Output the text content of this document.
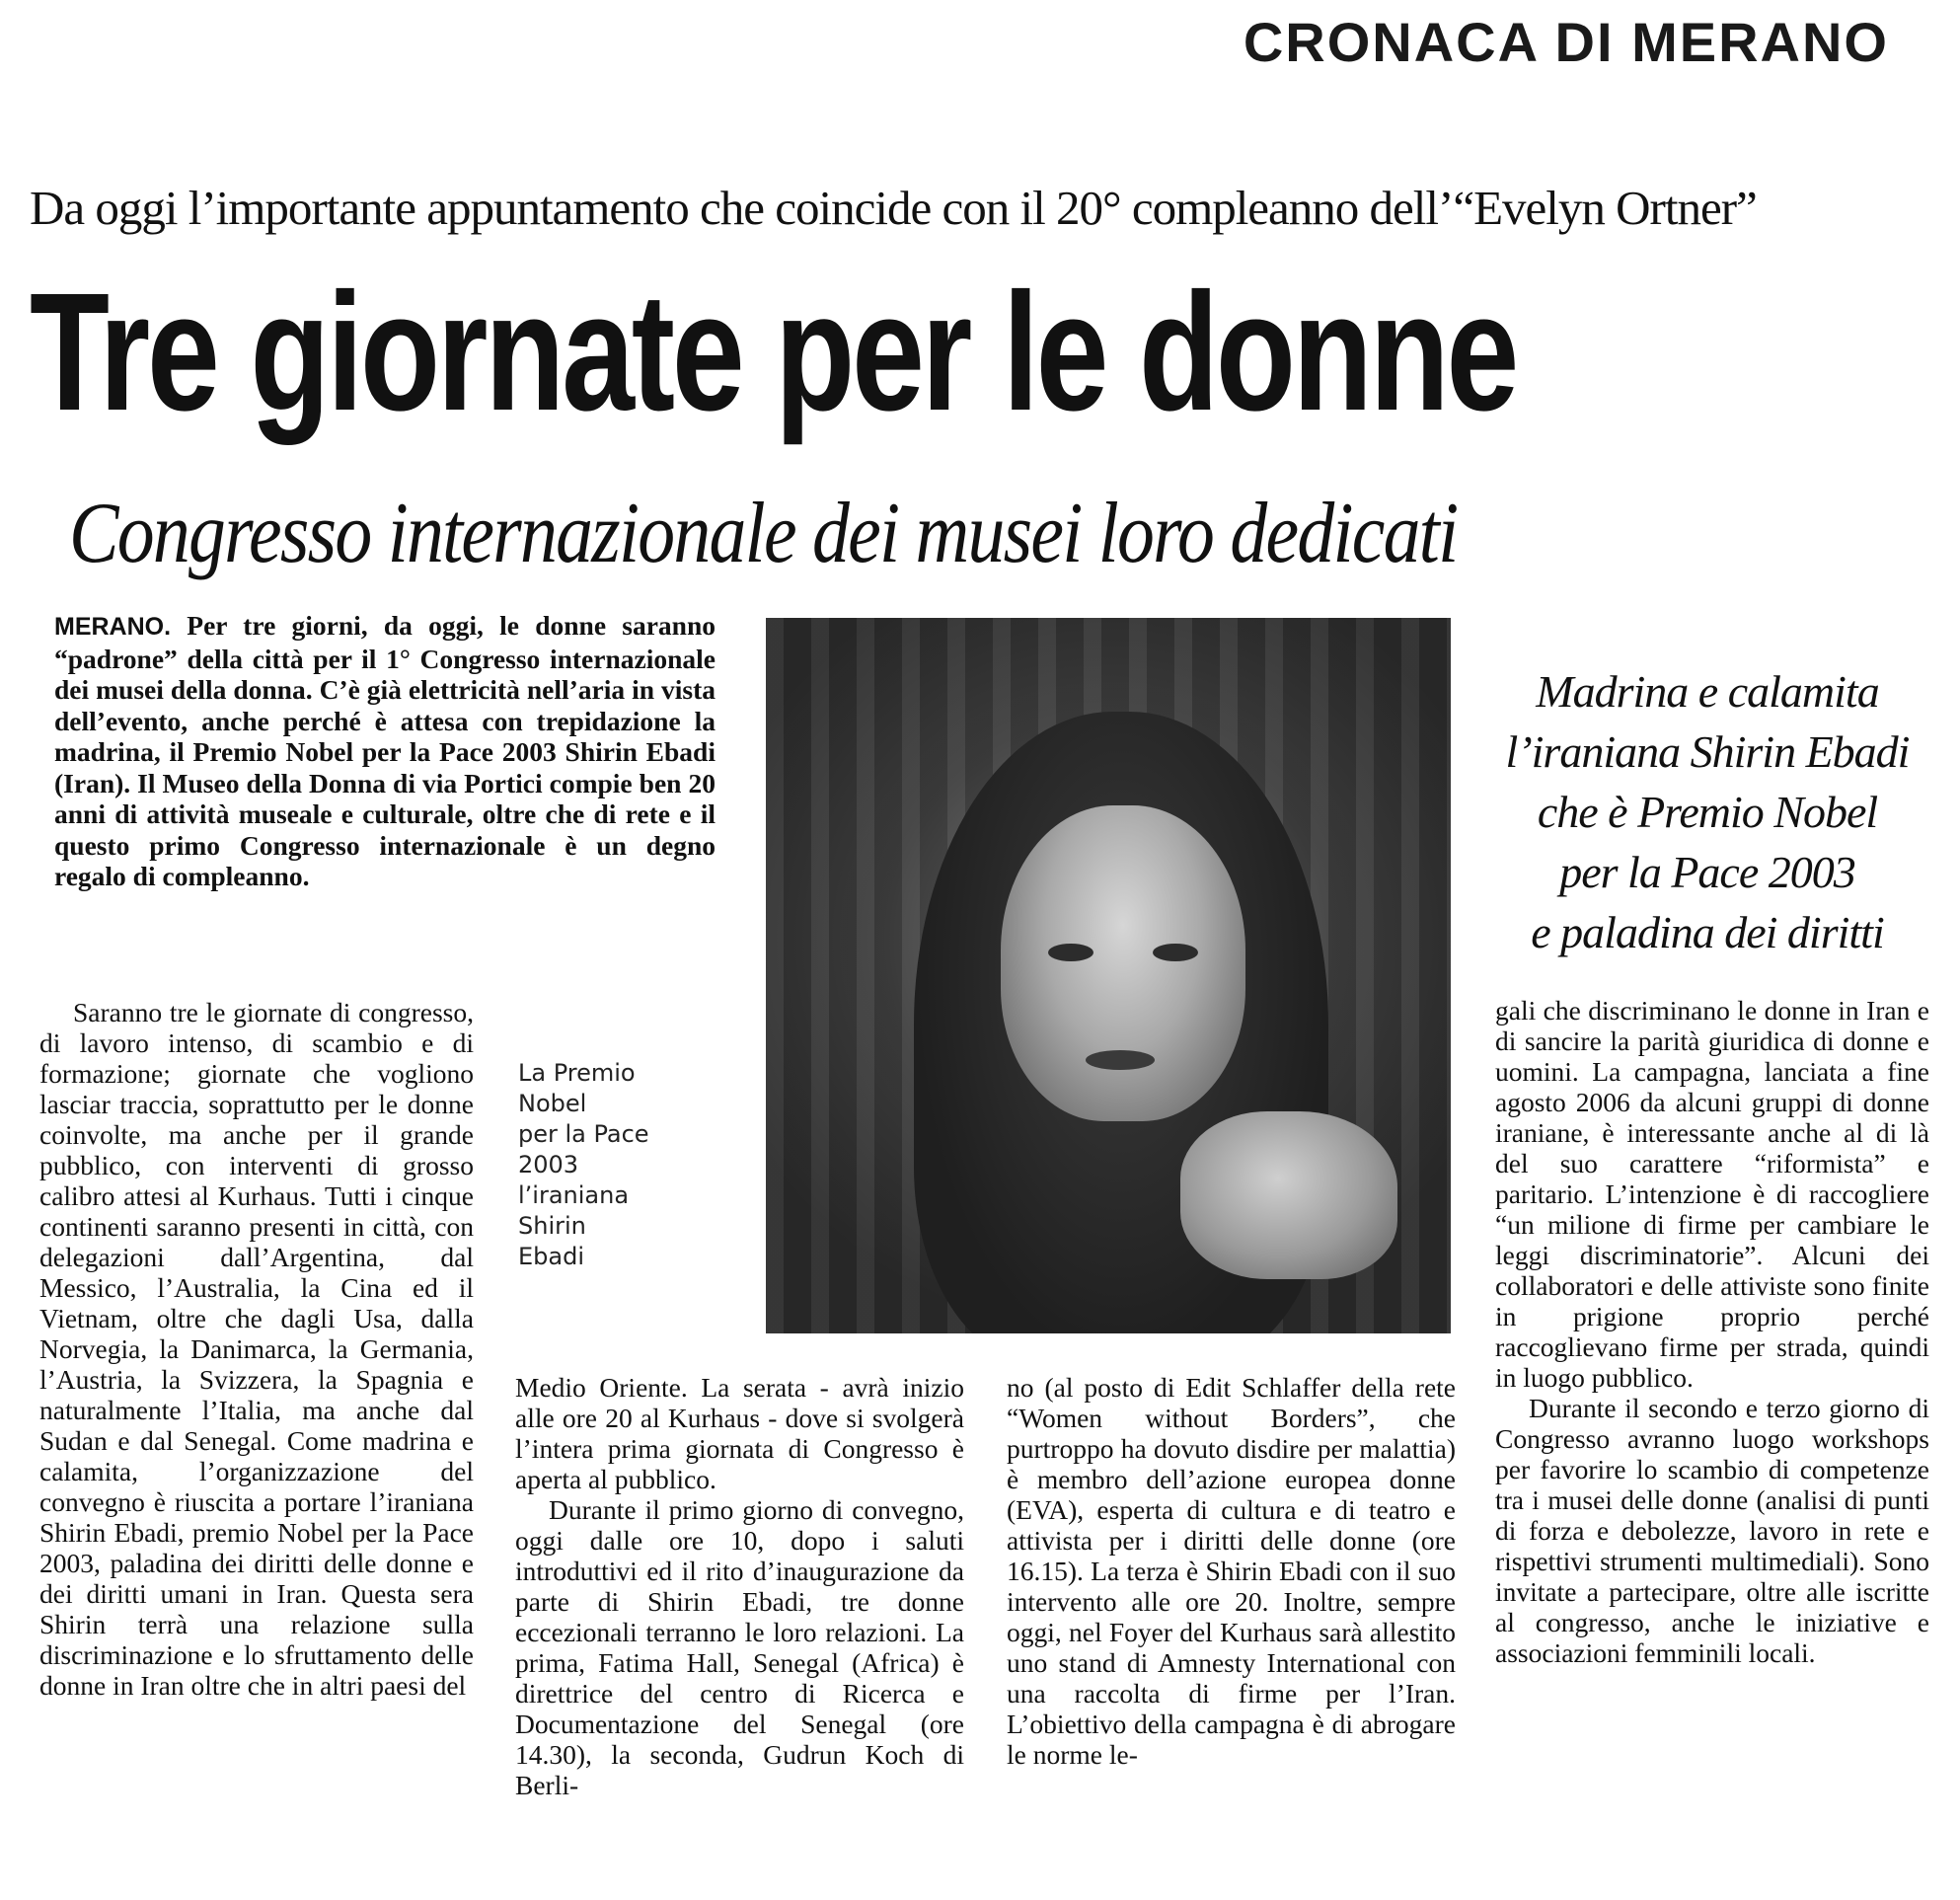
CRONACA DI MERANO
Da oggi l’importante appuntamento che coincide con il 20° compleanno dell’“Evelyn Ortner”
Tre giornate per le donne
Congresso internazionale dei musei loro dedicati
MERANO. Per tre giorni, da oggi, le donne saranno “padrone” della città per il 1° Congresso internazionale dei musei della donna. C’è già elettricità nell’aria in vista dell’evento, anche perché è attesa con trepidazione la madrina, il Premio Nobel per la Pace 2003 Shirin Ebadi (Iran). Il Museo della Donna di via Portici compie ben 20 anni di attività museale e culturale, oltre che di rete e il questo primo Congresso internazionale è un degno regalo di compleanno.
La Premio
Nobel
per la Pace
2003
l’iraniana
Shirin
Ebadi
Madrina e calamita
l’iraniana Shirin Ebadi
che è Premio Nobel
per la Pace 2003
e paladina dei diritti

Saranno tre le giornate di congresso, di lavoro intenso, di scambio e di formazione; giornate che vogliono lasciar traccia, soprattutto per le donne coinvolte, ma anche per il grande pubblico, con interventi di grosso calibro attesi al Kurhaus. Tutti i cinque continenti saranno presenti in città, con delegazioni dall’Argentina, dal Messico, l’Australia, la Cina ed il Vietnam, oltre che dagli Usa, dalla Norvegia, la Danimarca, la Germania, l’Austria, la Svizzera, la Spagnia e naturalmente l’Italia, ma anche dal Sudan e dal Senegal. Come madrina e calamita, l’organizzazione del convegno è riuscita a portare l’iraniana Shirin Ebadi, premio Nobel per la Pace 2003, paladina dei diritti delle donne e dei diritti umani in Iran. Questa sera Shirin terrà una relazione sulla discriminazione e lo sfruttamento delle donne in Iran oltre che in altri paesi del

Medio Oriente. La serata - avrà inizio alle ore 20 al Kurhaus - dove si svolgerà l’intera prima giornata di Congresso è aperta al pubblico.

Durante il primo giorno di convegno, oggi dalle ore 10, dopo i saluti introduttivi ed il rito d’inaugurazione da parte di Shirin Ebadi, tre donne eccezionali terranno le loro relazioni. La prima, Fatima Hall, Senegal (Africa) è direttrice del centro di Ricerca e Documentazione del Senegal (ore 14.30), la seconda, Gudrun Koch di Berli-

no (al posto di Edit Schlaffer della rete “Women without Borders”, che purtroppo ha dovuto disdire per malattia) è membro dell’azione europea donne (EVA), esperta di cultura e di teatro e attivista per i diritti delle donne (ore 16.15). La terza è Shirin Ebadi con il suo intervento alle ore 20. Inoltre, sempre oggi, nel Foyer del Kurhaus sarà allestito uno stand di Amnesty International con una raccolta di firme per l’Iran. L’obiettivo della campagna è di abrogare le norme le-

gali che discriminano le donne in Iran e di sancire la parità giuridica di donne e uomini. La campagna, lanciata a fine agosto 2006 da alcuni gruppi di donne iraniane, è interessante anche al di là del suo carattere “riformista” e paritario. L’intenzione è di raccogliere “un milione di firme per cambiare le leggi discriminatorie”. Alcuni dei collaboratori e delle attiviste sono finite in prigione proprio perché raccoglievano firme per strada, quindi in luogo pubblico.

Durante il secondo e terzo giorno di Congresso avranno luogo workshops per favorire lo scambio di competenze tra i musei delle donne (analisi di punti di forza e debolezze, lavoro in rete e rispettivi strumenti multimediali). Sono invitate a partecipare, oltre alle iscritte al congresso, anche le iniziative e associazioni femminili locali.
